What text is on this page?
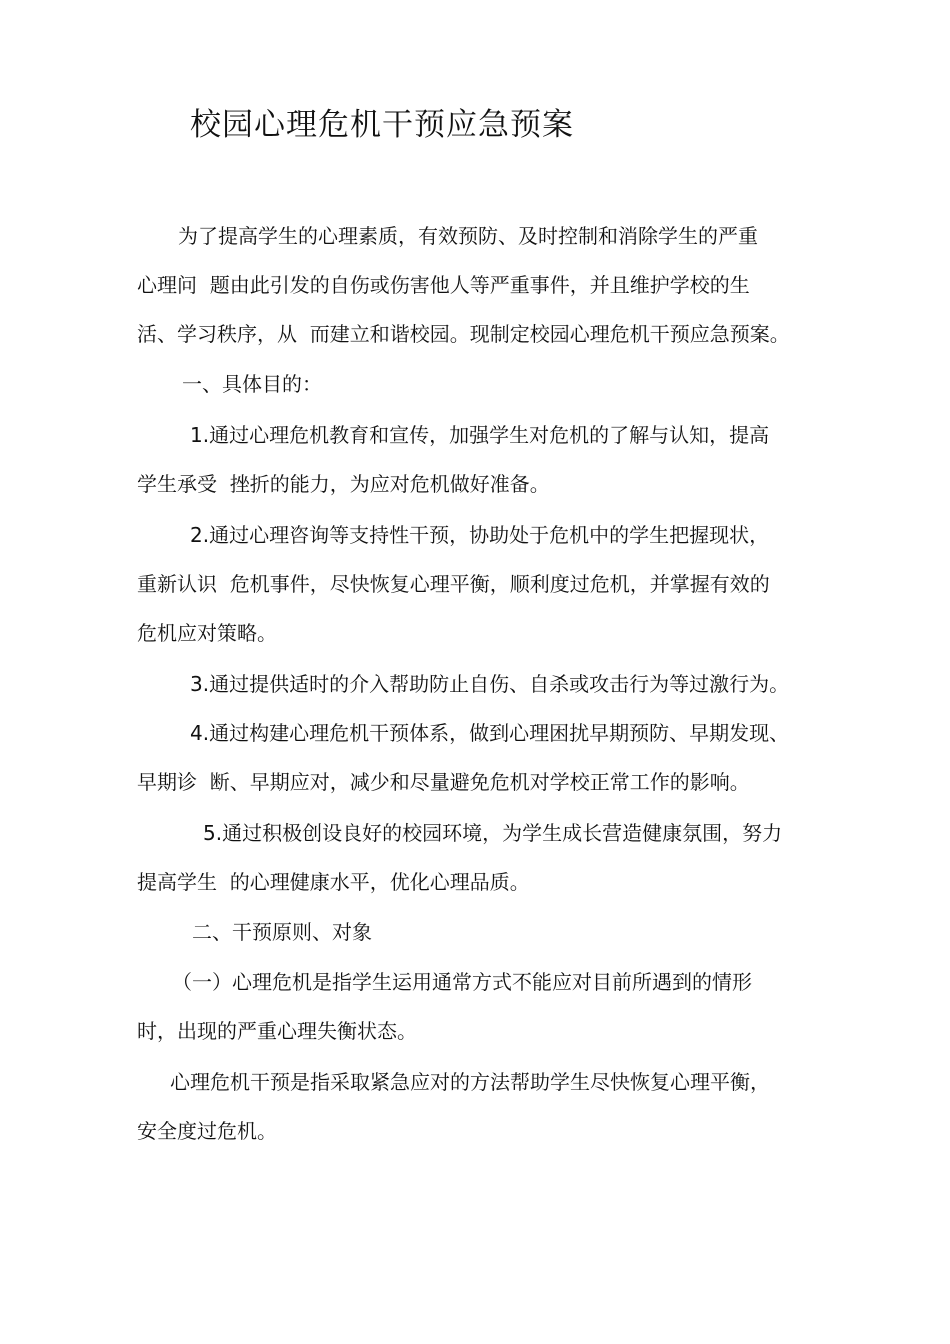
校园心理危机干预应急预案
为了提高学生的心理素质，有效预防、及时控制和消除学生的严重
心理问  题由此引发的自伤或伤害他人等严重事件，并且维护学校的生
活、学习秩序，从  而建立和谐校园。现制定校园心理危机干预应急预案。
一、具体目的：
1.通过心理危机教育和宣传，加强学生对危机的了解与认知，提高
学生承受  挫折的能力，为应对危机做好准备。
2.通过心理咨询等支持性干预，协助处于危机中的学生把握现状，
重新认识  危机事件，尽快恢复心理平衡，顺利度过危机，并掌握有效的
危机应对策略。
3.通过提供适时的介入帮助防止自伤、自杀或攻击行为等过激行为。
4.通过构建心理危机干预体系，做到心理困扰早期预防、早期发现、
早期诊  断、早期应对，减少和尽量避免危机对学校正常工作的影响。
5.通过积极创设良好的校园环境，为学生成长营造健康氛围，努力
提高学生  的心理健康水平，优化心理品质。
二、干预原则、对象
（一）心理危机是指学生运用通常方式不能应对目前所遇到的情形
时，出现的严重心理失衡状态。
心理危机干预是指采取紧急应对的方法帮助学生尽快恢复心理平衡，
安全度过危机。
